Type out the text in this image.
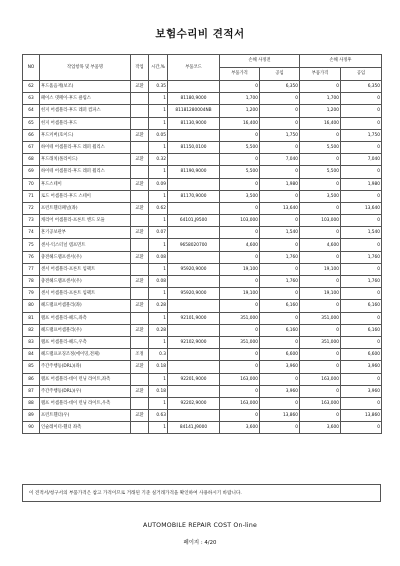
보험수리비 견적서
NO	작업항목 및 부품명	작업	시간,%	부품코드	손해 사정전		손해 사정후	
					부품가격	공임	부품가격	공임
62	후드흡음재(보조)	교환	0.35		0	6,350	0	6,350
63	패이스 댓페이-후드 클립스		1	81180,9000	1,700	0	1,700	0
64	힌지 어셈블리-후드 레퍼 컴파스		1	81181280004NB	1,200	0	1,200	0
65	힌지 어셈블리-후드		1	81130,9000	16,400	0	16,400	0
66	후드커버(호이드)	교환	0.05		0	1,750	0	1,750
67	하이테 어셈블리-후드 레퍼 월리스		1	81150,0100	5,500	0	5,500	0
68	후드래치(폴라이드)	교환	0.32		0	7,040	0	7,040
69	하이테 어셈블리-후드 레퍼 월리스		1	81190,9000	5,500	0	5,500	0
70	후드스테이	교환	0.09		0	1,980	0	1,980
71	로드 어셈블리-후드 스테이		1	81170,9000	3,500	0	3,500	0
72	프런트휀더패널(좌)	교환	0.62		0	13,640	0	13,640
73	캐리어 어셈블리-프론트 엔드 모듈		1	64101,J9500	103,000	0	103,000	0
74	혼기공보관부	교환	0.07		0	1,540	0	1,540
75	센서-익스터널 템프먼트		1	9658020700	4,600	0	4,600	0
76	충전헤드램프센서(우)	교환	0.08		0	1,760	0	1,760
77	센서 어셈블리-프론트 임팩트		1	95920,9000	19,100	0	19,100	0
78	충전헤드램프센서(우)	교환	0.08		0	1,760	0	1,760
79	센서 어셈블리-프론트 임팩트		1	95920,9000	19,100	0	19,100	0
80	헤드램프어셈블리(좌)	교환	0.28		0	6,160	0	6,160
81	램프 어셈블리-헤드,좌측		1	92101,9000	351,000	0	351,000	0
82	헤드램프어셈블리(우)	교환	0.28		0	6,160	0	6,160
83	램프 어셈블리-헤드,우측		1	92102,9000	351,000	0	351,000	0
84	헤드램프포징조정(에이밍,전체)	조정	0.3		0	6,600	0	6,600
85	주간주행등(DRL)(좌)	교환	0.18		0	3,960	0	3,960
86	램프 어셈블리-데이 런닝 라이트,좌측		1	92201,9000	163,000	0	163,000	0
87	주간주행등(DRL)(우)	교환	0.18		0	3,960	0	3,960
88	램프 어셈블리-데이 런닝 라이트,우측		1	92202,9000	163,000	0	163,000	0
89	프런트휀더(우)	교환	0.63		0	13,860	0	13,860
90	인슐레이터-휀더 좌측		1	84141,J9000	3,600	0	3,600	0
이 견적서/청구서의 부품가격은 참고 가격이므로 거래된 기준 실거래가격을 확인하여 사용하시기 바랍니다.
AUTOMOBILE REPAIR COST On-line
페이지 : 4/20
